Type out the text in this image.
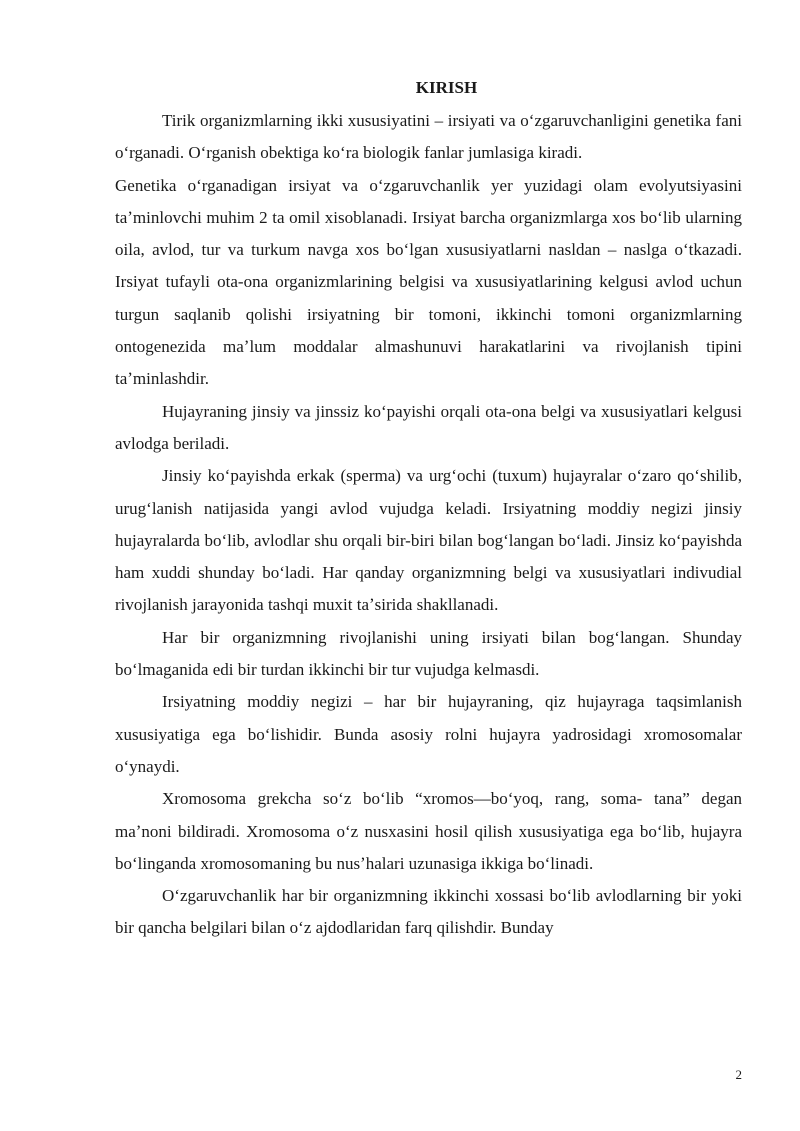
KIRISH

Tirik organizmlarning ikki xususiyatini – irsiyati va oʻzgaruvchanligini genetika fani oʻrganadi. Oʻrganish obektiga koʻra biologik fanlar jumlasiga kiradi.

Genetika oʻrganadigan irsiyat va oʻzgaruvchanlik yer yuzidagi olam evolyutsiyasini taʼminlovchi muhim 2 ta omil xisoblanadi. Irsiyat barcha organizmlarga xos boʻlib ularning oila, avlod, tur va turkum navga xos boʻlgan xususiyatlarni nasldan – naslga oʻtkazadi. Irsiyat tufayli ota-ona organizmlarining belgisi va xususiyatlarining kelgusi avlod uchun turgun saqlanib qolishi irsiyatning bir tomoni, ikkinchi tomoni organizmlarning ontogenezida maʼlum moddalar almashunuvi harakatlarini va rivojlanish tipini taʼminlashdir.

Hujayraning jinsiy va jinssiz koʻpayishi orqali ota-ona belgi va xususiyatlari kelgusi avlodga beriladi.

Jinsiy koʻpayishda erkak (sperma) va urgʻochi (tuxum) hujayralar oʻzaro qoʻshilib, urugʻlanish natijasida yangi avlod vujudga keladi. Irsiyatning moddiy negizi jinsiy hujayralarda boʻlib, avlodlar shu orqali bir-biri bilan bogʻlangan boʻladi. Jinsiz koʻpayishda ham xuddi shunday boʻladi. Har qanday organizmning belgi va xususiyatlari indivudial rivojlanish jarayonida tashqi muxit taʼsirida shakllanadi.

Har bir organizmning rivojlanishi uning irsiyati bilan bogʻlangan. Shunday boʻlmaganida edi bir turdan ikkinchi bir tur vujudga kelmasdi.

Irsiyatning moddiy negizi – har bir hujayraning, qiz hujayraga taqsimlanish xususiyatiga ega boʻlishidir. Bunda asosiy rolni hujayra yadrosidagi xromosomalar oʻynaydi.

Xromosoma grekcha soʻz boʻlib “xromos—boʻyoq, rang, soma- tana” degan maʼnoni bildiradi. Xromosoma oʻz nusxasini hosil qilish xususiyatiga ega boʻlib, hujayra boʻlinganda xromosomaning bu nusʼhalari uzunasiga ikkiga boʻlinadi.

Oʻzgaruvchanlik har bir organizmning ikkinchi xossasi boʻlib avlodlarning bir yoki bir qancha belgilari bilan oʻz ajdodlaridan farq qilishdir. Bunday

2
